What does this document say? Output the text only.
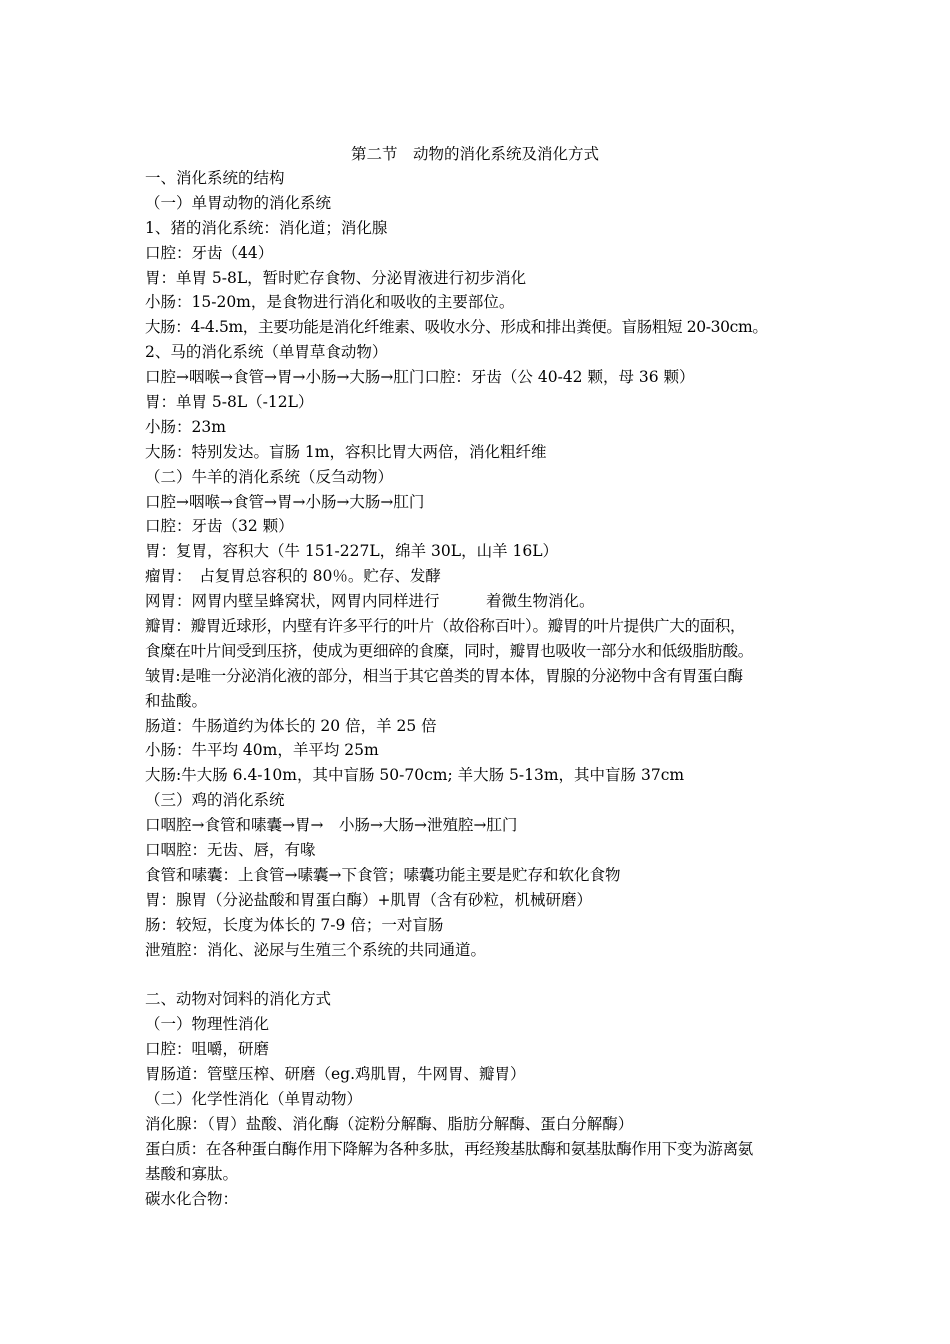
第二节　动物的消化系统及消化方式
一、消化系统的结构
（一）单胃动物的消化系统
1、猪的消化系统：消化道；消化腺
口腔：牙齿（44）
胃：单胃 5-8L，暂时贮存食物、分泌胃液进行初步消化
小肠：15-20m，是食物进行消化和吸收的主要部位。
大肠：4-4.5m，主要功能是消化纤维素、吸收水分、形成和排出粪便。盲肠粗短 20-30cm。
2、马的消化系统（单胃草食动物）
口腔→咽喉→食管→胃→小肠→大肠→肛门口腔：牙齿（公 40-42 颗，母 36 颗）
胃：单胃 5-8L（-12L）
小肠：23m
大肠：特别发达。盲肠 1m，容积比胃大两倍，消化粗纤维
（二）牛羊的消化系统（反刍动物）
口腔→咽喉→食管→胃→小肠→大肠→肛门
口腔：牙齿（32 颗）
胃：复胃，容积大（牛 151-227L，绵羊 30L，山羊 16L）
瘤胃：　占复胃总容积的 80％。贮存、发酵
网胃：网胃内壁呈蜂窝状，网胃内同样进行　　　着微生物消化。
瓣胃：瓣胃近球形，内壁有许多平行的叶片（故俗称百叶）。瓣胃的叶片提供广大的面积，
食糜在叶片间受到压挤，使成为更细碎的食糜，同时，瓣胃也吸收一部分水和低级脂肪酸。
皱胃:是唯一分泌消化液的部分，相当于其它兽类的胃本体，胃腺的分泌物中含有胃蛋白酶
和盐酸。
肠道：牛肠道约为体长的 20 倍，羊 25 倍
小肠：牛平均 40m，羊平均 25m
大肠:牛大肠 6.4-10m，其中盲肠 50-70cm; 羊大肠 5-13m，其中盲肠 37cm
（三）鸡的消化系统
口咽腔→食管和嗉囊→胃→　小肠→大肠→泄殖腔→肛门
口咽腔：无齿、唇，有喙
食管和嗉囊：上食管→嗉囊→下食管；嗉囊功能主要是贮存和软化食物
胃：腺胃（分泌盐酸和胃蛋白酶）+肌胃（含有砂粒，机械研磨）
肠：较短，长度为体长的 7-9 倍；一对盲肠
泄殖腔：消化、泌尿与生殖三个系统的共同通道。
二、动物对饲料的消化方式
（一）物理性消化
口腔：咀嚼，研磨
胃肠道：管壁压榨、研磨（eg.鸡肌胃，牛网胃、瓣胃）
（二）化学性消化（单胃动物）
消化腺：（胃）盐酸、消化酶（淀粉分解酶、脂肪分解酶、蛋白分解酶）
蛋白质：在各种蛋白酶作用下降解为各种多肽，再经羧基肽酶和氨基肽酶作用下变为游离氨
基酸和寡肽。
碳水化合物：
